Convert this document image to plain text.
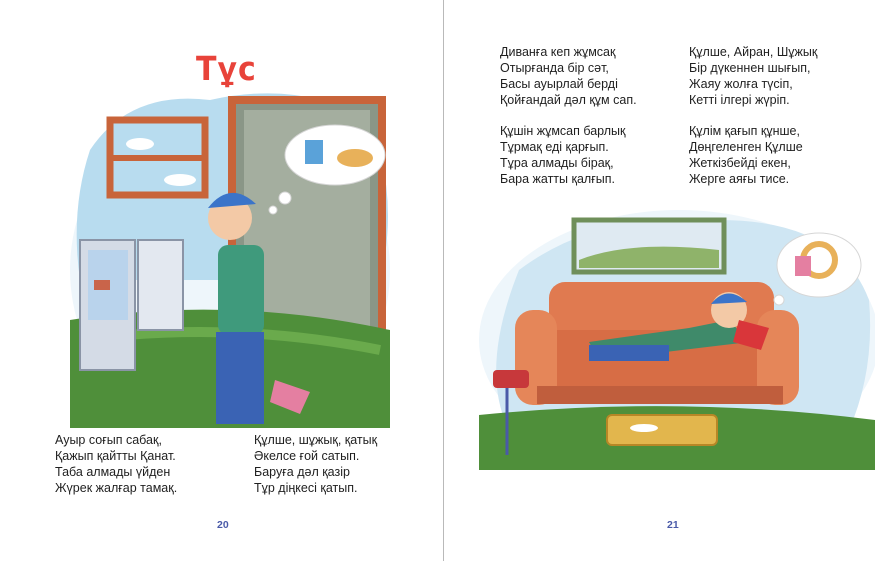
Тұс
Ауыр соғып сабақ,
Қажып қайтты Қанат.
Таба алмады үйден
Жүрек жалғар тамақ.
Құлше, шұжық, қатық
Әкелсе ғой сатып.
Баруға дәл қазір
Тұр діңкесі қатып.
20
Диванға кеп жұмсақ
Отырғанда бір сәт,
Басы ауырлай берді
Қойғандай дәл құм сап.
Құлше, Айран, Шұжық
Бір дүкеннен шығып,
Жаяу жолға түсіп,
Кетті ілгері жүріп.
Құшін жұмсап барлық
Тұрмақ еді қарғып.
Тұра алмады бірақ,
Бара жатты қалғып.
Құлім қағып құнше,
Дөңгеленген Құлше
Жеткізбейді екен,
Жерге аяғы тисе.
21
